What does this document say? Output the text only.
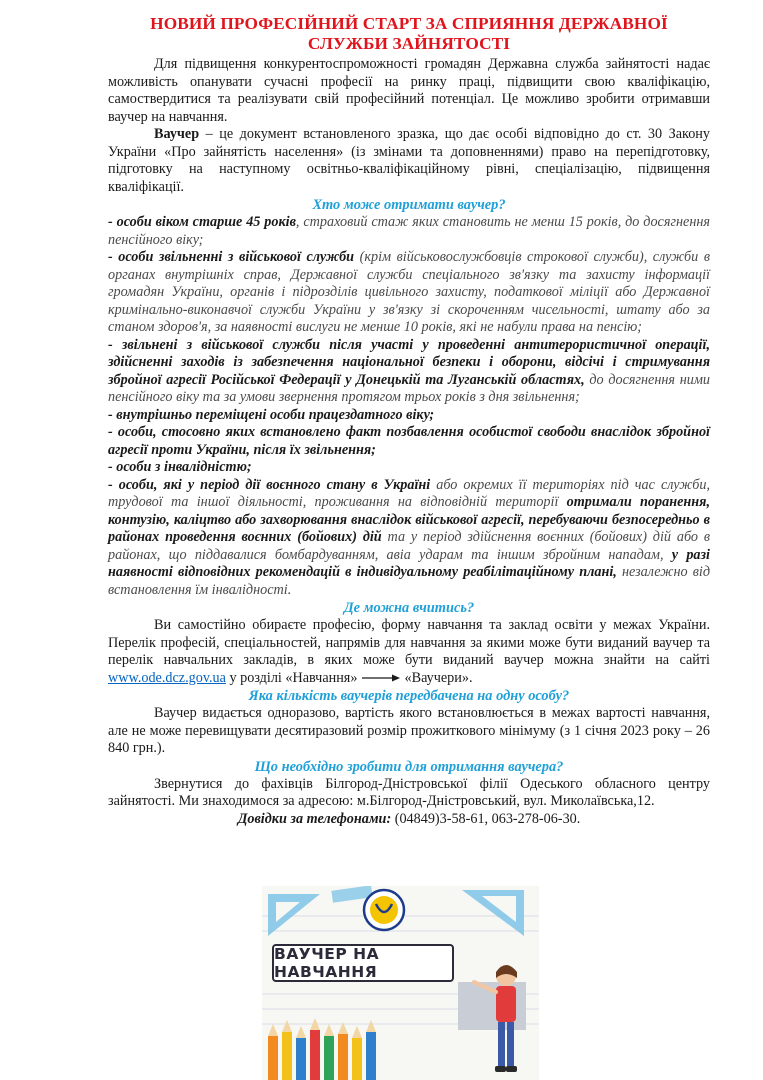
НОВИЙ ПРОФЕСІЙНИЙ СТАРТ ЗА СПРИЯННЯ ДЕРЖАВНОЇ
СЛУЖБИ ЗАЙНЯТОСТІ

Для підвищення конкурентоспроможності громадян Державна служба зайнятості надає можливість опанувати сучасні професії на ринку праці, підвищити свою кваліфікацію, самоствердитися та реалізувати свій професійний потенціал. Це можливо зробити отримавши ваучер на навчання.

Ваучер – це документ встановленого зразка, що дає особі відповідно до ст. 30 Закону України «Про зайнятість населення» (із змінами та доповненнями) право на перепідготовку, підготовку на наступному освітньо-кваліфікаційному рівні, спеціалізацію, підвищення кваліфікації.

Хто може отримати ваучер?

- особи віком старше 45 років, страховий стаж яких становить не менш 15 років, до досягнення пенсійного віку;

- особи звільненні з військової служби (крім військовослужбовців строкової служби), служби в органах внутрішніх справ, Державної служби спеціального зв'язку та захисту інформації громадян України, органів і підрозділів цивільного захисту, податкової міліції або Державної кримінально-виконавчої служби України у зв'язку зі скороченням чисельності, штату або за станом здоров'я, за наявності вислуги не менше 10 років, які не набули права на пенсію;

- звільнені з військової служби після участі у проведенні антитерористичної операції, здійсненні заходів із забезпечення національної безпеки і оборони, відсічі і стримування збройної агресії Російської Федерації у Донецькій та Луганській областях, до досягнення ними пенсійного віку та за умови звернення протягом трьох років з дня звільнення;

- внутрішньо переміщені особи працездатного віку;

- особи, стосовно яких встановлено факт позбавлення особистої свободи внаслідок збройної агресії проти України, після їх звільнення;

- особи з інвалідністю;

- особи, які у період дії воєнного стану в Україні або окремих її територіях під час служби, трудової та іншої діяльності, проживання на відповідній території отримали поранення, контузію, каліцтво або захворювання внаслідок військової агресії, перебуваючи безпосередньо в районах проведення воєнних (бойових) дій та у період здійснення воєнних (бойових) дій або в районах, що піддавалися бомбардуванням, авіа ударам та іншим збройним нападам, у разі наявності відповідних рекомендацій в індивідуальному реабілітаційному плані, незалежно від встановлення їм інвалідності.

Де можна вчитись?

Ви самостійно обираєте професію, форму навчання та заклад освіти у межах України. Перелік професій, спеціальностей, напрямів для навчання за якими може бути виданий ваучер та перелік навчальних закладів, в яких може бути виданий ваучер можна знайти на сайті www.ode.dcz.gov.ua у розділі «Навчання»	«Ваучери».

Яка кількість ваучерів передбачена на одну особу?

Ваучер видається одноразово, вартість якого встановлюється в межах вартості навчання, але не може перевищувати десятиразовий розмір прожиткового мінімуму (з 1 січня 2023 року – 26 840 грн.).

Що необхідно зробити для отримання ваучера?

Звернутися до фахівців Білгород-Дністровської філії Одеського обласного центру зайнятості. Ми знаходимося за адресою: м.Білгород-Дністровський, вул. Миколаївська,12.

Довідки за телефонами: (04849)3-58-61, 063-278-06-30.

ВАУЧЕР НА НАВЧАННЯ
